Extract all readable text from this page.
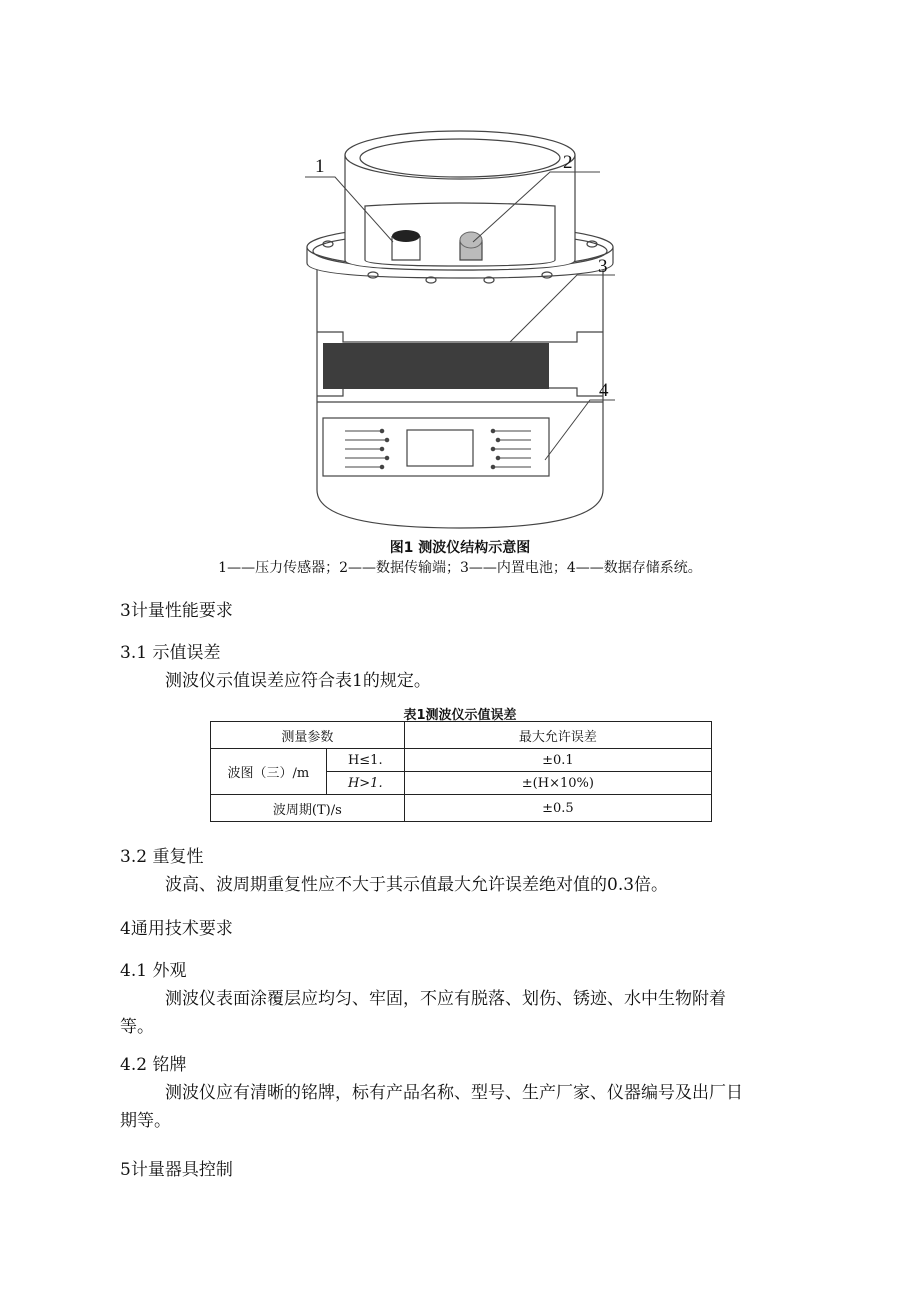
1	2
3
4
图1 测波仪结构示意图
1——压力传感器；2——数据传输端；3——内置电池；4——数据存储系统。
3计量性能要求
3.1 示值误差
测波仪示值误差应符合表1的规定。
表1测波仪示值误差
测量参数		最大允许误差
波图（三）/m	H≤1.	±0.1
	H>1.	±(H×10%)
波周期(T)/s		±0.5
3.2 重复性
波高、波周期重复性应不大于其示值最大允许误差绝对值的0.3倍。
4通用技术要求
4.1 外观
测波仪表面涂覆层应均匀、牢固，不应有脱落、划伤、锈迹、水中生物附着
等。
4.2 铭牌
测波仪应有清晰的铭牌，标有产品名称、型号、生产厂家、仪器编号及出厂日
期等。
5计量器具控制
